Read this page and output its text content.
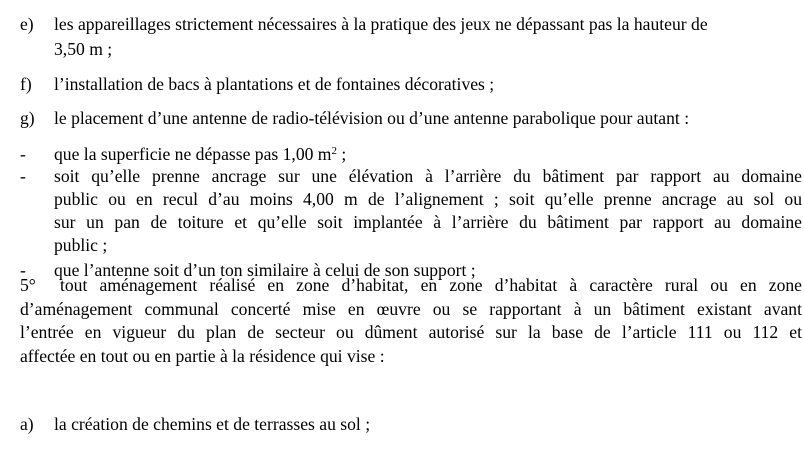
e) les appareillages strictement nécessaires à la pratique des jeux ne dépassant pas la hauteur de
3,50 m ;
f) l’installation de bacs à plantations et de fontaines décoratives ;
g) le placement d’une antenne de radio-télévision ou d’une antenne parabolique pour autant :
- que la superficie ne dépasse pas 1,00 $m^2$ ;
- soit qu’elle prenne ancrage sur une élévation à l’arrière du bâtiment par rapport au domaine
public ou en recul d’au moins 4,00 m de l’alignement ; soit qu’elle prenne ancrage au sol ou
sur un pan de toiture et qu’elle soit implantée à l’arrière du bâtiment par rapport au domaine
public ;
- que l’antenne soit d’un ton similaire à celui de son support ;
5° tout aménagement réalisé en zone d’habitat, en zone d’habitat à caractère rural ou en zone
d’aménagement communal concerté mise en œuvre ou se rapportant à un bâtiment existant avant
l’entrée en vigueur du plan de secteur ou dûment autorisé sur la base de l’article 111 ou 112 et
affectée en tout ou en partie à la résidence qui vise :
a) la création de chemins et de terrasses au sol ;
